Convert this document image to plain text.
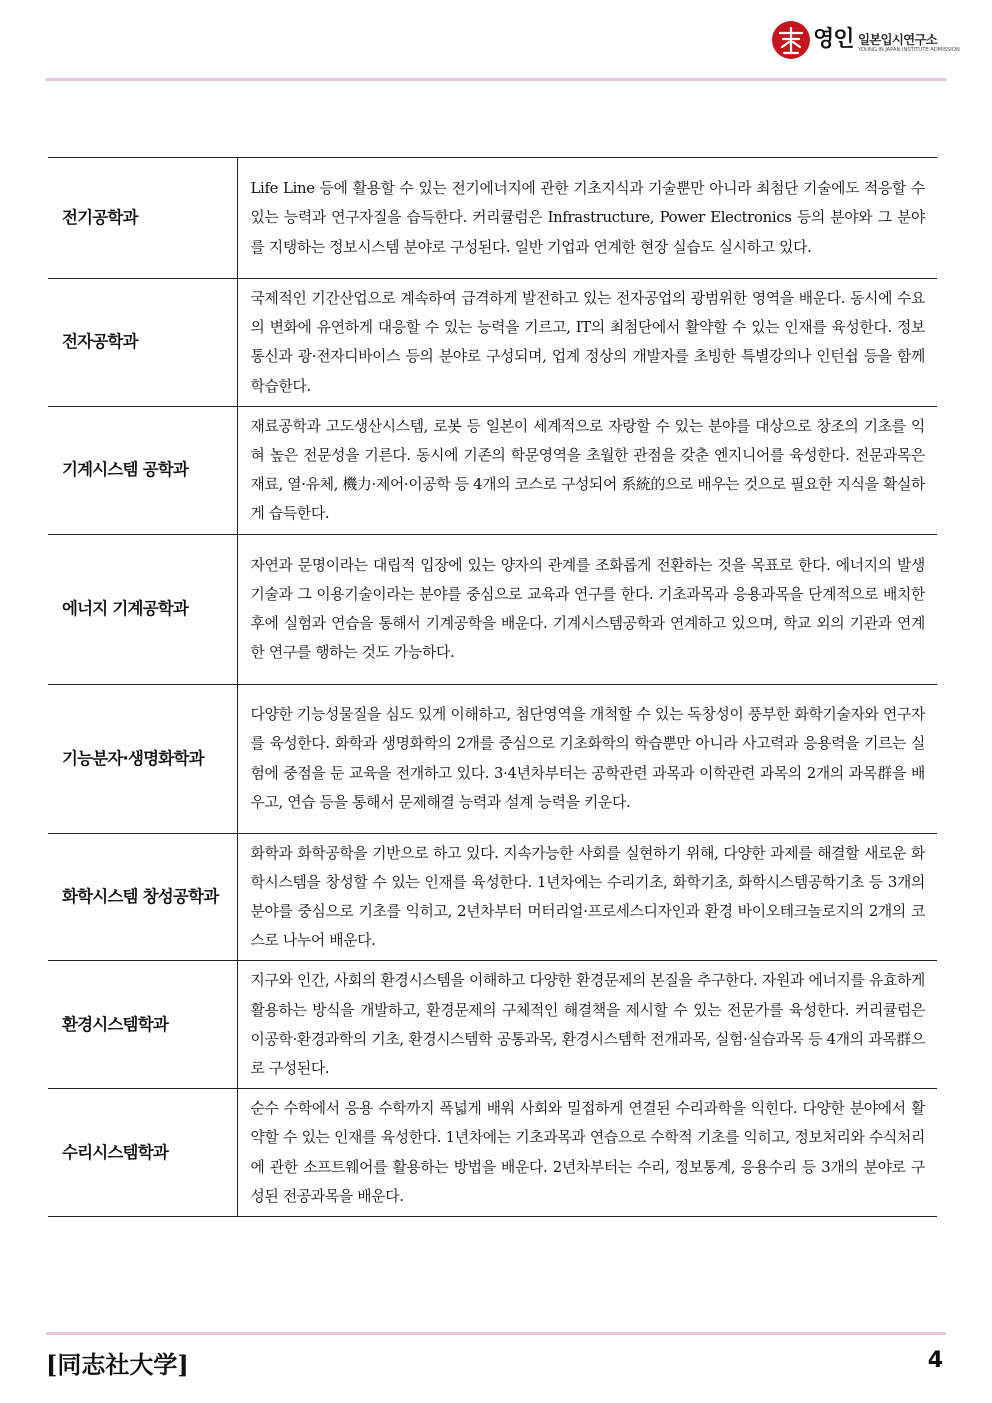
영인 일본입시연구소
YOUNG IN JAPAN INSTITUTE ADMISSION
전기공학과	Life Line 등에 활용할 수 있는 전기에너지에 관한 기초지식과 기술뿐만 아니라 최첨단 기술에도 적응할 수 있는 능력과 연구자질을 습득한다. 커리큘럼은 Infrastructure, Power Electronics 등의 분야와 그 분야를 지탱하는 정보시스템 분야로 구성된다. 일반 기업과 연계한 현장 실습도 실시하고 있다.
전자공학과	국제적인 기간산업으로 계속하여 급격하게 발전하고 있는 전자공업의 광범위한 영역을 배운다. 동시에 수요의 변화에 유연하게 대응할 수 있는 능력을 기르고, IT의 최첨단에서 활약할 수 있는 인재를 육성한다. 정보통신과 광·전자디바이스 등의 분야로 구성되며, 업계 정상의 개발자를 초빙한 특별강의나 인턴쉽 등을 함께 학습한다.
기계시스템 공학과	재료공학과 고도생산시스템, 로봇 등 일본이 세계적으로 자랑할 수 있는 분야를 대상으로 창조의 기초를 익혀 높은 전문성을 기른다. 동시에 기존의 학문영역을 초월한 관점을 갖춘 엔지니어를 육성한다. 전문과목은 재료, 열·유체, 機力·제어·이공학 등 4개의 코스로 구성되어 系統的으로 배우는 것으로 필요한 지식을 확실하게 습득한다.
에너지 기계공학과	자연과 문명이라는 대립적 입장에 있는 양자의 관계를 조화롭게 전환하는 것을 목표로 한다. 에너지의 발생기술과 그 이용기술이라는 분야를 중심으로 교육과 연구를 한다. 기초과목과 응용과목을 단계적으로 배치한 후에 실험과 연습을 통해서 기계공학을 배운다. 기계시스템공학과 연계하고 있으며, 학교 외의 기관과 연계한 연구를 행하는 것도 가능하다.
기능분자·생명화학과	다양한 기능성물질을 심도 있게 이해하고, 첨단영역을 개척할 수 있는 독창성이 풍부한 화학기술자와 연구자를 육성한다. 화학과 생명화학의 2개를 중심으로 기초화학의 학습뿐만 아니라 사고력과 응용력을 기르는 실험에 중점을 둔 교육을 전개하고 있다. 3·4년차부터는 공학관련 과목과 이학관련 과목의 2개의 과목群을 배우고, 연습 등을 통해서 문제해결 능력과 설계 능력을 키운다.
화학시스템 창성공학과	화학과 화학공학을 기반으로 하고 있다. 지속가능한 사회를 실현하기 위해, 다양한 과제를 해결할 새로운 화학시스템을 창성할 수 있는 인재를 육성한다. 1년차에는 수리기초, 화학기초, 화학시스템공학기초 등 3개의 분야를 중심으로 기초를 익히고, 2년차부터 머터리얼·프로세스디자인과 환경 바이오테크놀로지의 2개의 코스로 나누어 배운다.
환경시스템학과	지구와 인간, 사회의 환경시스템을 이해하고 다양한 환경문제의 본질을 추구한다. 자원과 에너지를 유효하게 활용하는 방식을 개발하고, 환경문제의 구체적인 해결책을 제시할 수 있는 전문가를 육성한다. 커리큘럼은 이공학·환경과학의 기초, 환경시스템학 공통과목, 환경시스템학 전개과목, 실험·실습과목 등 4개의 과목群으로 구성된다.
수리시스템학과	순수 수학에서 응용 수학까지 폭넓게 배워 사회와 밀접하게 연결된 수리과학을 익힌다. 다양한 분야에서 활약할 수 있는 인재를 육성한다. 1년차에는 기초과목과 연습으로 수학적 기초를 익히고, 정보처리와 수식처리에 관한 소프트웨어를 활용하는 방법을 배운다. 2년차부터는 수리, 정보통계, 응용수리 등 3개의 분야로 구성된 전공과목을 배운다.
[同志社大学]	4
